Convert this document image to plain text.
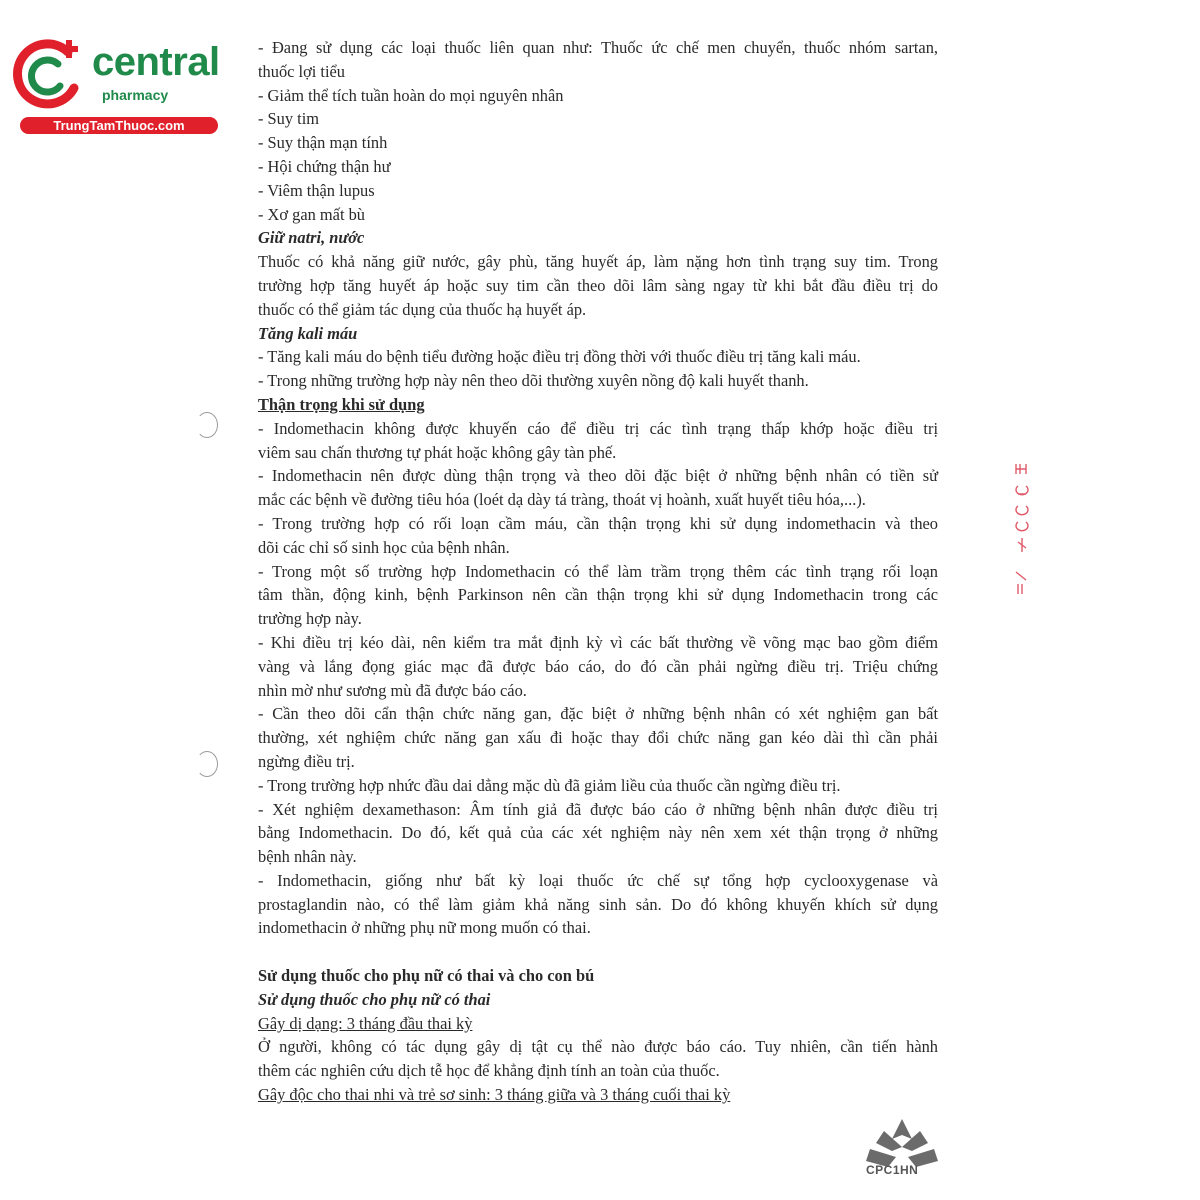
central
pharmacy
TrungTamThuoc.com
- Đang sử dụng các loại thuốc liên quan như: Thuốc ức chế men chuyển, thuốc nhóm sartan,
thuốc lợi tiểu
- Giảm thể tích tuần hoàn do mọi nguyên nhân
- Suy tim
- Suy thận mạn tính
- Hội chứng thận hư
- Viêm thận lupus
- Xơ gan mất bù
Giữ natri, nước
Thuốc có khả năng giữ nước, gây phù, tăng huyết áp, làm nặng hơn tình trạng suy tim. Trong
trường hợp tăng huyết áp hoặc suy tim cần theo dõi lâm sàng ngay từ khi bắt đầu điều trị do
thuốc có thể giảm tác dụng của thuốc hạ huyết áp.
Tăng kali máu
- Tăng kali máu do bệnh tiểu đường hoặc điều trị đồng thời với thuốc điều trị tăng kali máu.
- Trong những trường hợp này nên theo dõi thường xuyên nồng độ kali huyết thanh.
Thận trọng khi sử dụng
- Indomethacin không được khuyến cáo để điều trị các tình trạng thấp khớp hoặc điều trị
viêm sau chấn thương tự phát hoặc không gây tàn phế.
- Indomethacin nên được dùng thận trọng và theo dõi đặc biệt ở những bệnh nhân có tiền sử
mắc các bệnh về đường tiêu hóa (loét dạ dày tá tràng, thoát vị hoành, xuất huyết tiêu hóa,...).
- Trong trường hợp có rối loạn cầm máu, cần thận trọng khi sử dụng indomethacin và theo
dõi các chỉ số sinh học của bệnh nhân.
- Trong một số trường hợp Indomethacin có thể làm trầm trọng thêm các tình trạng rối loạn
tâm thần, động kinh, bệnh Parkinson nên cần thận trọng khi sử dụng Indomethacin trong các
trường hợp này.
- Khi điều trị kéo dài, nên kiểm tra mắt định kỳ vì các bất thường về võng mạc bao gồm điểm
vàng và lắng đọng giác mạc đã được báo cáo, do đó cần phải ngừng điều trị. Triệu chứng
nhìn mờ như sương mù đã được báo cáo.
- Cần theo dõi cẩn thận chức năng gan, đặc biệt ở những bệnh nhân có xét nghiệm gan bất
thường, xét nghiệm chức năng gan xấu đi hoặc thay đổi chức năng gan kéo dài thì cần phải
ngừng điều trị.
- Trong trường hợp nhức đầu dai dẳng mặc dù đã giảm liều của thuốc cần ngừng điều trị.
- Xét nghiệm dexamethason: Âm tính giả đã được báo cáo ở những bệnh nhân được điều trị
bằng Indomethacin. Do đó, kết quả của các xét nghiệm này nên xem xét thận trọng ở những
bệnh nhân này.
- Indomethacin, giống như bất kỳ loại thuốc ức chế sự tổng hợp cyclooxygenase và
prostaglandin nào, có thể làm giảm khả năng sinh sản. Do đó không khuyến khích sử dụng
indomethacin ở những phụ nữ mong muốn có thai.
Sử dụng thuốc cho phụ nữ có thai và cho con bú
Sử dụng thuốc cho phụ nữ có thai
Gây dị dạng: 3 tháng đầu thai kỳ
Ở người, không có tác dụng gây dị tật cụ thể nào được báo cáo. Tuy nhiên, cần tiến hành
thêm các nghiên cứu dịch tễ học để khẳng định tính an toàn của thuốc.
Gây độc cho thai nhi và trẻ sơ sinh: 3 tháng giữa và 3 tháng cuối thai kỳ
CPC1HN
